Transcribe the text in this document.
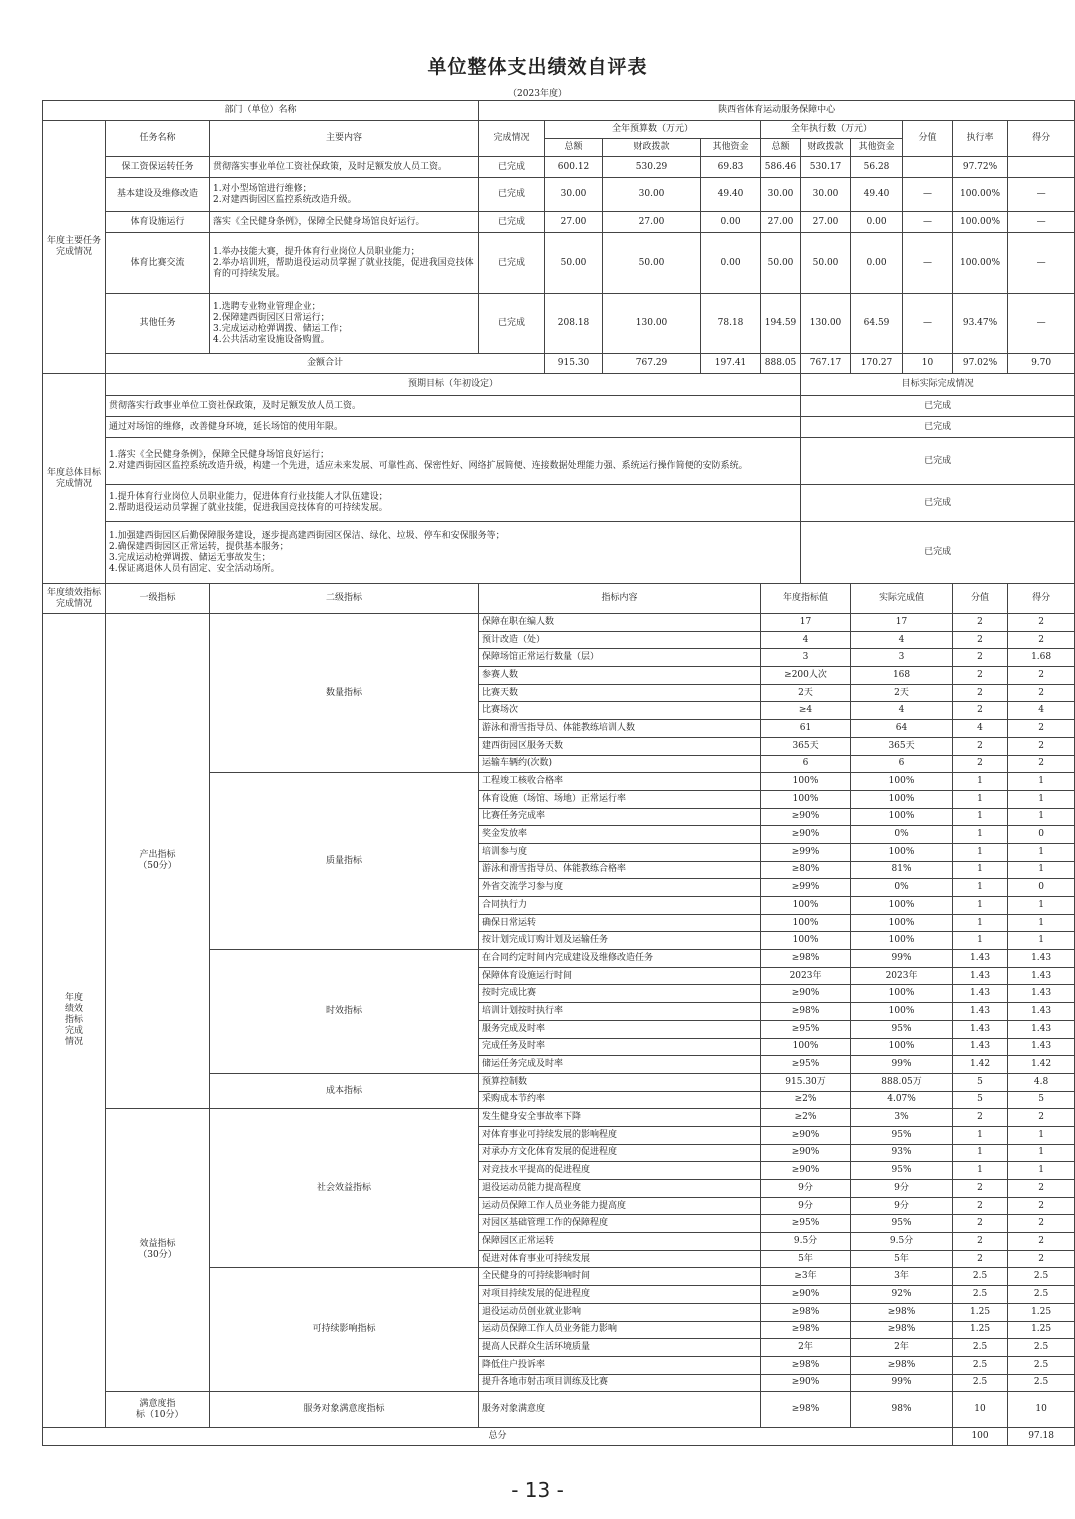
单位整体支出绩效自评表
（2023年度）
部门（单位）名称			陕西省体育运动服务保障中心									
年度主要任务完成情况	任务名称	主要内容	完成情况	全年预算数（万元）			全年执行数（万元）			分值	执行率	得分
				总额	财政拨款	其他资金	总额	财政拨款	其他资金			
	保工资保运转任务	贯彻落实事业单位工资社保政策，及时足额发放人员工资。	已完成	600.12	530.29	69.83	586.46	530.17	56.28		97.72%	
	基本建设及维修改造	1.对小型场馆进行维修；
2.对建西街园区监控系统改造升级。	已完成	30.00	30.00	49.40	30.00	30.00	49.40	—	100.00%	—
	体育设施运行	落实《全民健身条例》，保障全民健身场馆良好运行。	已完成	27.00	27.00	0.00	27.00	27.00	0.00	—	100.00%	—
	体育比赛交流	1.举办技能大赛，提升体育行业岗位人员职业能力；
2.举办培训班，帮助退役运动员掌握了就业技能，促进我国竞技体育的可持续发展。	已完成	50.00	50.00	0.00	50.00	50.00	0.00	—	100.00%	—
	其他任务	1.选聘专业物业管理企业；
2.保障建西街园区日常运行；
3.完成运动枪弹调拨、储运工作；
4.公共活动室设施设备购置。	已完成	208.18	130.00	78.18	194.59	130.00	64.59	—	93.47%	—
	金额合计			915.30	767.29	197.41	888.05	767.17	170.27	10	97.02%	9.70
年度总体目标完成情况	预期目标（年初设定）							目标实际完成情况				

	贯彻落实行政事业单位工资社保政策，及时足额发放人员工资。							已完成				

	通过对场馆的维修，改善健身环境，延长场馆的使用年限。							已完成				

	1.落实《全民健身条例》，保障全民健身场馆良好运行；
2.对建西街园区监控系统改造升级，构建一个先进，适应未来发展、可靠性高、保密性好、网络扩展简便、连接数据处理能力强、系统运行操作简便的安防系统。							已完成				

	1.提升体育行业岗位人员职业能力，促进体育行业技能人才队伍建设；
2.帮助退役运动员掌握了就业技能，促进我国竞技体育的可持续发展。							已完成				

	1.加强建西街园区后勤保障服务建设，逐步提高建西街园区保洁、绿化、垃圾、停车和安保服务等；
2.确保建西街园区正常运转，提供基本服务；
3.完成运动枪弹调拨、储运无事故发生；
4.保证离退休人员有固定、安全活动场所。							已完成				
年度绩效指标完成情况	一级指标	二级指标	指标内容				年度指标值		实际完成值		分值	得分
年度绩效指标完成情况	产出指标（50分）	数量指标	保障在职在编人数				17		17		2	2
			预计改造（处）				4		4		2	2
			保障场馆正常运行数量（层）				3		3		2	1.68
			参赛人数				≥200人次		168		2	2
			比赛天数				2天		2天		2	2
			比赛场次				≥4		4		2	4
			游泳和滑雪指导员、体能教练培训人数				61		64		4	2
			建西街园区服务天数				365天		365天		2	2
			运输车辆约(次数)				6		6		2	2
		质量指标	工程竣工核收合格率				100%		100%		1	1
			体育设施（场馆、场地）正常运行率				100%		100%		1	1
			比赛任务完成率				≥90%		100%		1	1
			奖金发放率				≥90%		0%		1	0
			培训参与度				≥99%		100%		1	1
			游泳和滑雪指导员、体能教练合格率				≥80%		81%		1	1
			外省交流学习参与度				≥99%		0%		1	0
			合同执行力				100%		100%		1	1
			确保日常运转				100%		100%		1	1
			按计划完成订购计划及运输任务				100%		100%		1	1
		时效指标	在合同约定时间内完成建设及维修改造任务				≥98%		99%		1.43	1.43
			保障体育设施运行时间				2023年		2023年		1.43	1.43
			按时完成比赛				≥90%		100%		1.43	1.43
			培训计划按时执行率				≥98%		100%		1.43	1.43
			服务完成及时率				≥95%		95%		1.43	1.43
			完成任务及时率				100%		100%		1.43	1.43
			储运任务完成及时率				≥95%		99%		1.42	1.42
		成本指标	预算控制数				915.30万		888.05万		5	4.8
			采购成本节约率				≥2%		4.07%		5	5
	效益指标（30分）	社会效益指标	发生健身安全事故率下降				≥2%		3%		2	2
			对体育事业可持续发展的影响程度				≥90%		95%		1	1
			对承办方文化体育发展的促进程度				≥90%		93%		1	1
			对竞技水平提高的促进程度				≥90%		95%		1	1
			退役运动员能力提高程度				9分		9分		2	2
			运动员保障工作人员业务能力提高度				9分		9分		2	2
			对园区基础管理工作的保障程度				≥95%		95%		2	2
			保障园区正常运转				9.5分		9.5分		2	2
			促进对体育事业可持续发展				5年		5年		2	2
		可持续影响指标	全民健身的可持续影响时间				≥3年		3年		2.5	2.5
			对项目持续发展的促进程度				≥90%		92%		2.5	2.5
			退役运动员创业就业影响				≥98%		≥98%		1.25	1.25
			运动员保障工作人员业务能力影响				≥98%		≥98%		1.25	1.25
			提高人民群众生活环境质量				2年		2年		2.5	2.5
			降低住户投诉率				≥98%		≥98%		2.5	2.5
			提升各地市射击项目训练及比赛				≥90%		99%		2.5	2.5
	满意度指标（10分）	服务对象满意度指标	服务对象满意度				≥98%		98%		10	10
总分											100	97.18
- 13 -
